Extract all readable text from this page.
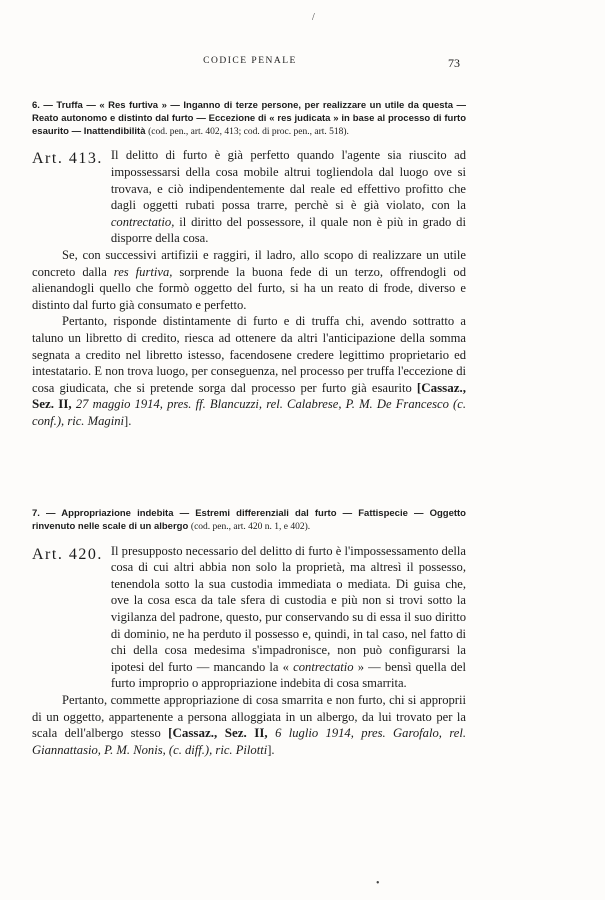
/
CODICE PENALE	73
6. — Truffa — « Res furtiva » — Inganno di terze persone, per realizzare un utile da questa — Reato autonomo e distinto dal furto — Eccezione di « res judicata » in base al processo di furto esaurito — Inattendibilità (cod. pen., art. 402, 413; cod. di proc. pen., art. 518).
Art. 413. Il delitto di furto è già perfetto quando l'agente sia riuscito ad impossessarsi della cosa mobile altrui togliendola dal luogo ove si trovava, e ciò indipendentemente dal reale ed effettivo profitto che dagli oggetti rubati possa trarre, perchè si è già violato, con la contrectatio, il diritto del possessore, il quale non è più in grado di disporre della cosa.

Se, con successivi artifizii e raggiri, il ladro, allo scopo di realizzare un utile concreto dalla res furtiva, sorprende la buona fede di un terzo, offrendogli od alienandogli quello che formò oggetto del furto, si ha un reato di frode, diverso e distinto dal furto già consumato e perfetto.

Pertanto, risponde distintamente di furto e di truffa chi, avendo sottratto a taluno un libretto di credito, riesca ad ottenere da altri l'anticipazione della somma segnata a credito nel libretto istesso, facendosene credere legittimo proprietario ed intestatario. E non trova luogo, per conseguenza, nel processo per truffa l'eccezione di cosa giudicata, che si pretende sorga dal processo per furto già esaurito [Cassaz., Sez. II, 27 maggio 1914, pres. ff. Blancuzzi, rel. Calabrese, P. M. De Francesco (c. conf.), ric. Magini].

7. — Appropriazione indebita — Estremi differenziali dal furto — Fattispecie — Oggetto rinvenuto nelle scale di un albergo (cod. pen., art. 420 n. 1, e 402).
Art. 420. Il presupposto necessario del delitto di furto è l'impossessamento della cosa di cui altri abbia non solo la proprietà, ma altresì il possesso, tenendola sotto la sua custodia immediata o mediata. Di guisa che, ove la cosa esca da tale sfera di custodia e più non si trovi sotto la vigilanza del padrone, questo, pur conservando su di essa il suo diritto di dominio, ne ha perduto il possesso e, quindi, in tal caso, nel fatto di chi della cosa medesima s'impadronisce, non può configurarsi la ipotesi del furto — mancando la « contrectatio » — bensì quella del furto improprio o appropriazione indebita di cosa smarrita.

Pertanto, commette appropriazione di cosa smarrita e non furto, chi si approprii di un oggetto, appartenente a persona alloggiata in un albergo, da lui trovato per la scala dell'albergo stesso [Cassaz., Sez. II, 6 luglio 1914, pres. Garofalo, rel. Giannattasio, P. M. Nonis, (c. diff.), ric. Pilotti].

•
